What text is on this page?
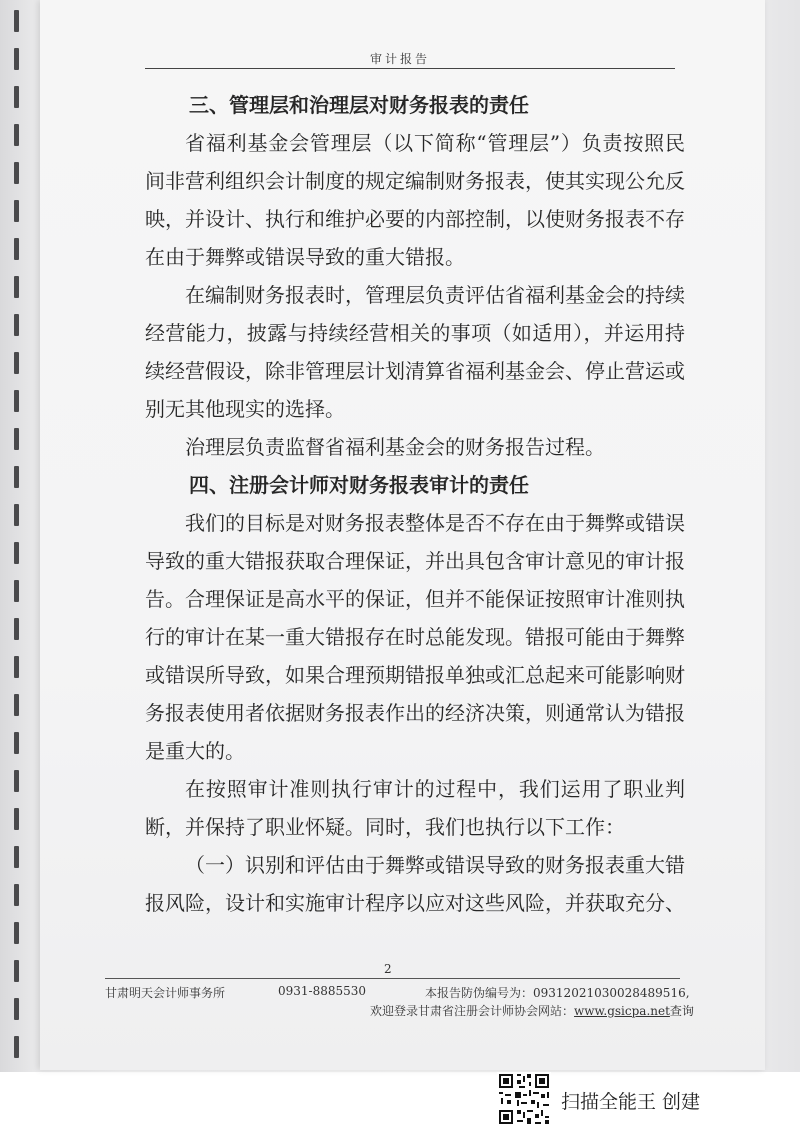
审计报告

三、管理层和治理层对财务报表的责任

省福利基金会管理层（以下简称“管理层”）负责按照民间非营利组织会计制度的规定编制财务报表，使其实现公允反映，并设计、执行和维护必要的内部控制，以使财务报表不存在由于舞弊或错误导致的重大错报。

在编制财务报表时，管理层负责评估省福利基金会的持续经营能力，披露与持续经营相关的事项（如适用），并运用持续经营假设，除非管理层计划清算省福利基金会、停止营运或别无其他现实的选择。

治理层负责监督省福利基金会的财务报告过程。

四、注册会计师对财务报表审计的责任

我们的目标是对财务报表整体是否不存在由于舞弊或错误导致的重大错报获取合理保证，并出具包含审计意见的审计报告。合理保证是高水平的保证，但并不能保证按照审计准则执行的审计在某一重大错报存在时总能发现。错报可能由于舞弊或错误所导致，如果合理预期错报单独或汇总起来可能影响财务报表使用者依据财务报表作出的经济决策，则通常认为错报是重大的。

在按照审计准则执行审计的过程中，我们运用了职业判断，并保持了职业怀疑。同时，我们也执行以下工作：

（一）识别和评估由于舞弊或错误导致的财务报表重大错报风险，设计和实施审计程序以应对这些风险，并获取充分、

2
甘肃明天会计师事务所	0931-8885530	本报告防伪编号为：09312021030028489516,
欢迎登录甘肃省注册会计师协会网站：www.gsicpa.net查询
扫描全能王 创建
